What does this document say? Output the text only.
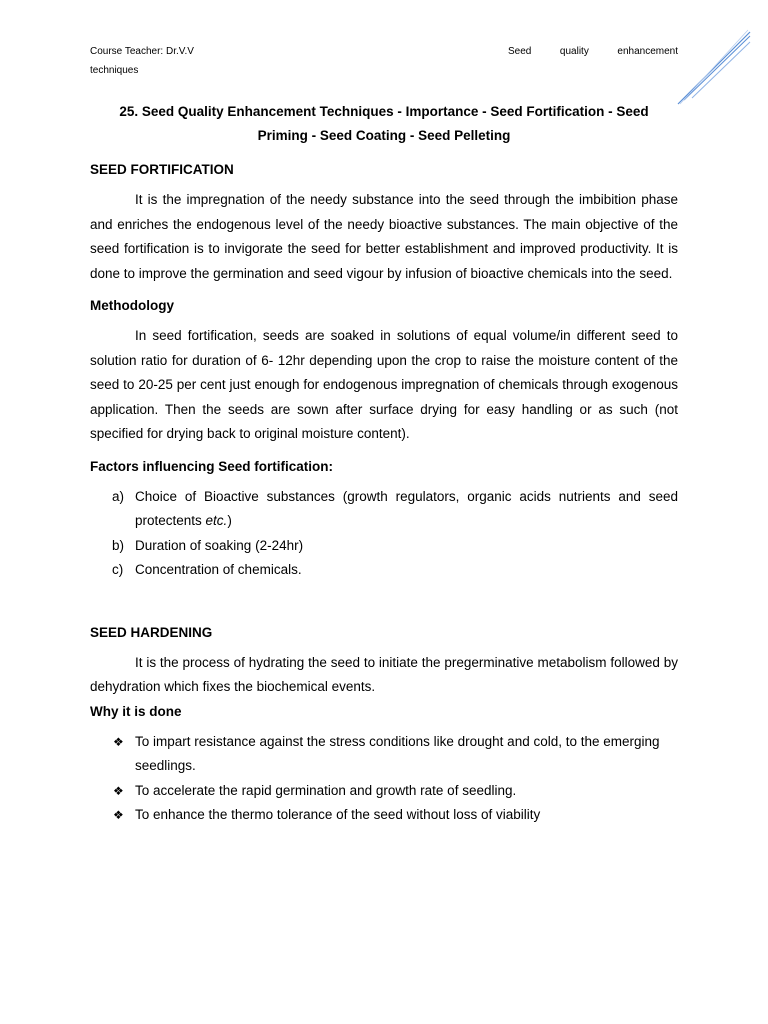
Course Teacher: Dr.V.V	Seed	quality	enhancement
techniques

25. Seed Quality Enhancement Techniques - Importance - Seed Fortification - Seed

Priming - Seed Coating - Seed Pelleting

SEED FORTIFICATION

It is the impregnation of the needy substance into the seed through the imbibition phase and enriches the endogenous level of the needy bioactive substances. The main objective of the seed fortification is to invigorate the seed for better establishment and improved productivity. It is done to improve the germination and seed vigour by infusion of bioactive chemicals into the seed.

Methodology

In seed fortification, seeds are soaked in solutions of equal volume/in different seed to solution ratio for duration of 6- 12hr depending upon the crop to raise the moisture content of the seed to 20-25 per cent just enough for endogenous impregnation of chemicals through exogenous application. Then the seeds are sown after surface drying for easy handling or as such (not specified for drying back to original moisture content).

Factors influencing Seed fortification:

a) Choice of Bioactive substances (growth regulators, organic acids nutrients and seed protectents etc.)
b) Duration of soaking (2-24hr)
c) Concentration of chemicals.

SEED HARDENING

It is the process of hydrating the seed to initiate the pregerminative metabolism followed by dehydration which fixes the biochemical events.

Why it is done

❖ To impart resistance against the stress conditions like drought and cold, to the emerging seedlings.
❖ To accelerate the rapid germination and growth rate of seedling.
❖ To enhance the thermo tolerance of the seed without loss of viability
